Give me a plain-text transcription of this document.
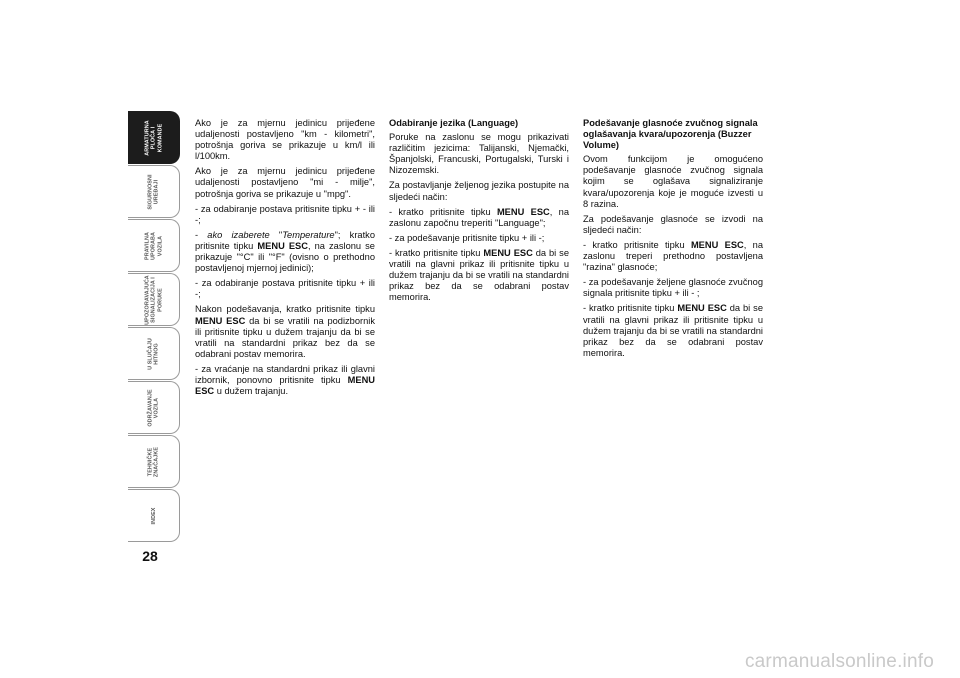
ARMATURNA
PLOČA I
KOMANDE
SIGURNOSNI
UREĐAJI
PRAVILNA
UPORABA
VOZILA
UPOZORAVAJUĆA
SIGNALIZACIJA I
PORUKE
U SLUČAJU
HITNOG
ODRŽAVANJE
VOZILA
TEHNIČKE
ZNAČAJKE
INDEX
28

Ako je za mjernu jedinicu prijeđene udaljenosti postavljeno "km - kilometri", potrošnja goriva se prikazuje u km/l ili l/100km.

Ako je za mjernu jedinicu prijeđene udaljenosti postavljeno "mi - milje", potrošnja goriva se prikazuje u "mpg".

- za odabiranje postava pritisnite tipku + - ili -;

- ako izaberete "Temperature"; kratko pritisnite tipku MENU ESC, na zaslonu se prikazuje "°C" ili "°F" (ovisno o prethodno postavljenoj mjernoj jedinici);

- za odabiranje postava pritisnite tipku + ili -;

Nakon podešavanja, kratko pritisnite tipku MENU ESC da bi se vratili na podizbornik ili pritisnite tipku u dužem trajanju da bi se vratili na standardni prikaz bez da se odabrani postav memorira.

- za vraćanje na standardni prikaz ili glavni izbornik, ponovno pritisnite tipku MENU ESC u dužem trajanju.

Odabiranje jezika (Language)

Poruke na zaslonu se mogu prikazivati različitim jezicima: Talijanski, Njemački, Španjolski, Francuski, Portugalski, Turski i Nizozemski.

Za postavljanje željenog jezika postupite na sljedeći način:

- kratko pritisnite tipku MENU ESC, na zaslonu započnu treperiti "Language";

- za podešavanje pritisnite tipku + ili -;

- kratko pritisnite tipku MENU ESC da bi se vratili na glavni prikaz ili pritisnite tipku u dužem trajanju da bi se vratili na standardni prikaz bez da se odabrani postav memorira.

Podešavanje glasnoće zvučnog signala oglašavanja kvara/upozorenja (Buzzer Volume)

Ovom funkcijom je omogućeno podešavanje glasnoće zvučnog signala kojim se oglašava signaliziranje kvara/upozorenja koje je moguće izvesti u 8 razina.

Za podešavanje glasnoće se izvodi na sljedeći način:

- kratko pritisnite tipku MENU ESC, na zaslonu treperi prethodno postavljena "razina" glasnoće;

- za podešavanje željene glasnoće zvučnog signala pritisnite tipku + ili - ;

- kratko pritisnite tipku MENU ESC da bi se vratili na glavni prikaz ili pritisnite tipku u dužem trajanju da bi se vratili na standardni prikaz bez da se odabrani postav memorira.

carmanualsonline.info
